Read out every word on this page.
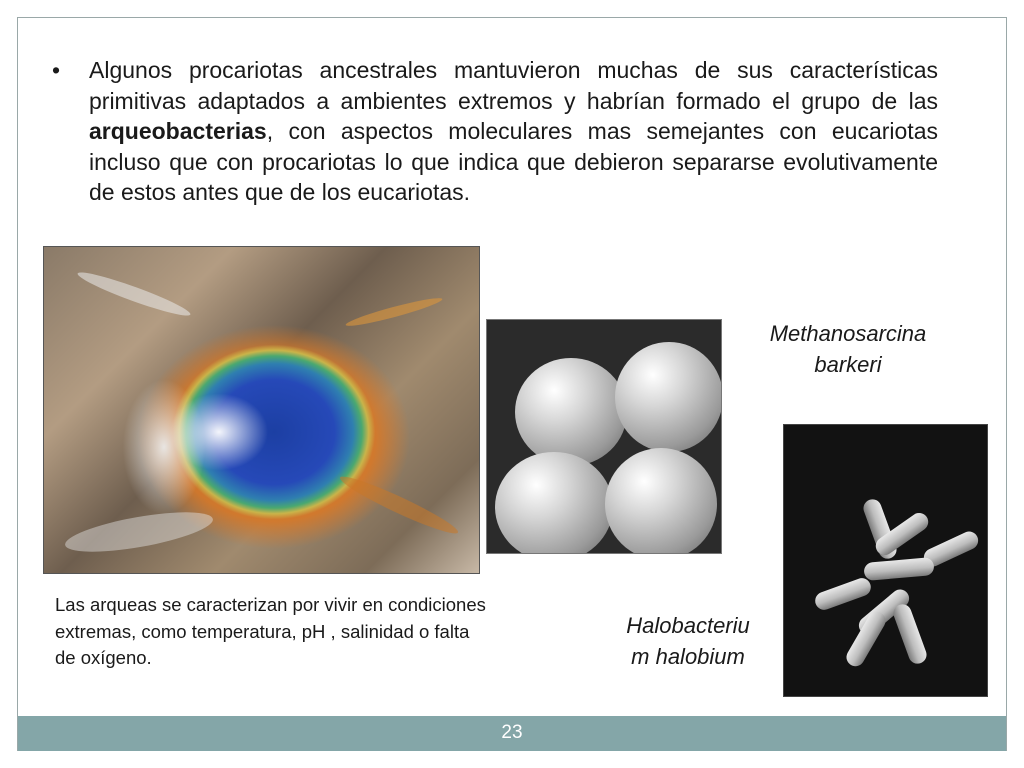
•	Algunos procariotas ancestrales mantuvieron muchas de sus características primitivas adaptados a ambientes extremos y habrían formado el grupo de las arqueobacterias, con aspectos moleculares mas semejantes con eucariotas incluso que con procariotas lo que indica que debieron separarse evolutivamente de estos antes que de los eucariotas.
Methanosarcina
barkeri
Halobacteriu
m halobium
Las arqueas se caracterizan por vivir en condiciones extremas, como temperatura, pH , salinidad o falta de oxígeno.
23
